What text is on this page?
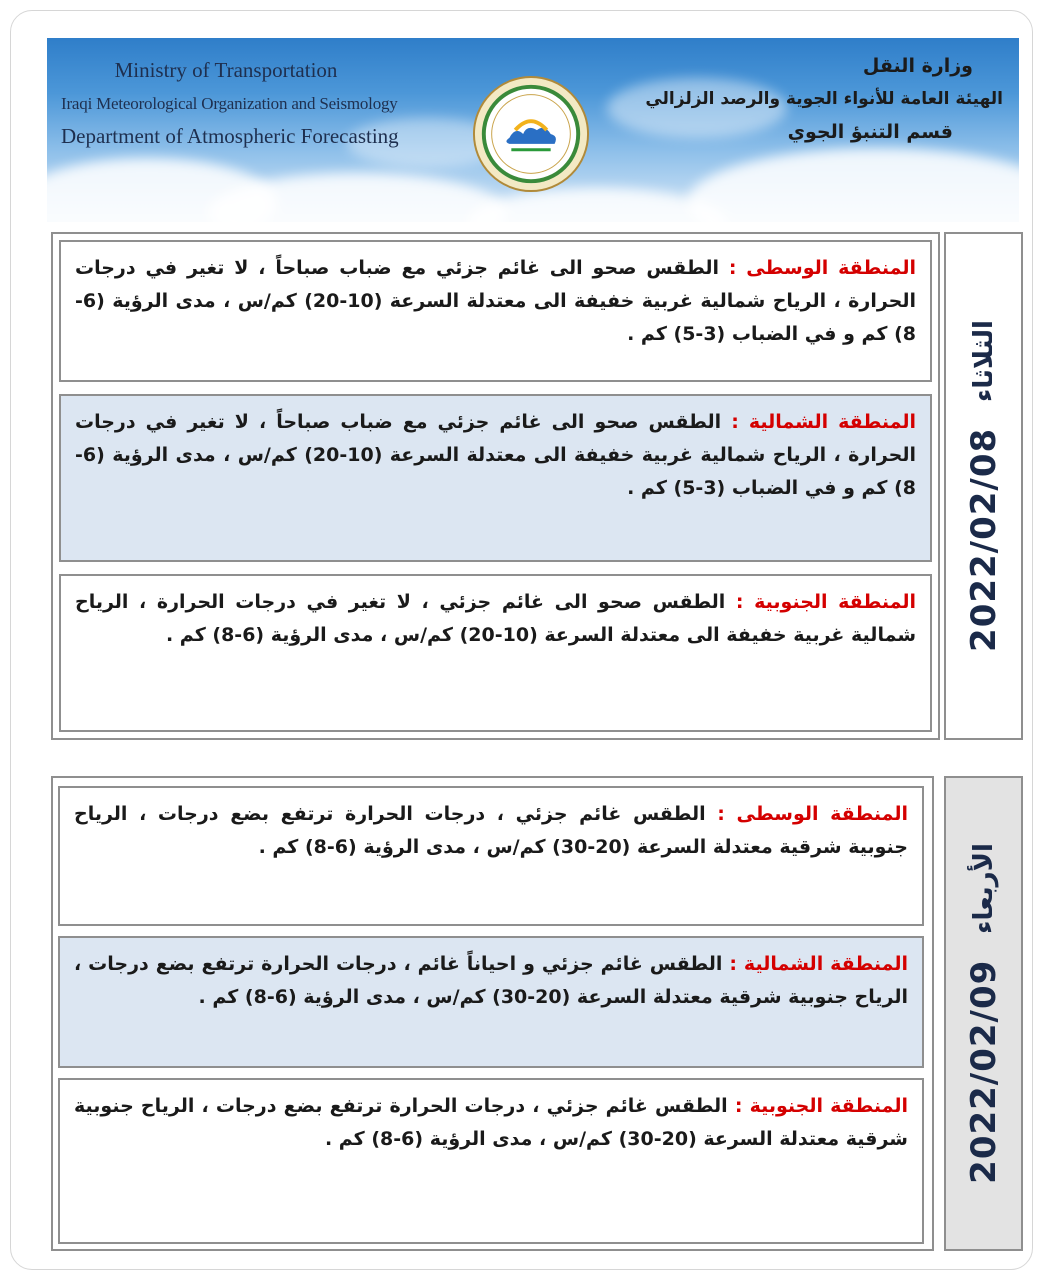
Ministry of Transportation
Iraqi Meteorological Organization and Seismology
Department of Atmospheric Forecasting
وزارة النقل
الهيئة العامة للأنواء الجوية والرصد الزلزالي
قسم التنبؤ الجوي
المنطقة الوسطى : الطقس صحو الى غائم جزئي مع ضباب صباحاً ، لا تغير في درجات الحرارة ، الرياح شمالية غربية خفيفة الى معتدلة السرعة (10-20) كم/س ، مدى الرؤية (6-8) كم و في الضباب (3-5) كم .
المنطقة الشمالية : الطقس صحو الى غائم جزئي مع ضباب صباحاً ، لا تغير في درجات الحرارة ، الرياح شمالية غربية خفيفة الى معتدلة السرعة (10-20) كم/س ، مدى الرؤية (6-8) كم و في الضباب (3-5) كم .
المنطقة الجنوبية : الطقس صحو الى غائم جزئي ، لا تغير في درجات الحرارة ، الرياح شمالية غربية خفيفة الى معتدلة السرعة (10-20) كم/س ، مدى الرؤية (6-8) كم .	2022/02/08
الثلاثاء
المنطقة الوسطى : الطقس غائم جزئي ، درجات الحرارة ترتفع بضع درجات ، الرياح جنوبية شرقية معتدلة السرعة (20-30) كم/س ، مدى الرؤية (6-8) كم .
المنطقة الشمالية : الطقس غائم جزئي و احياناً غائم ، درجات الحرارة ترتفع بضع درجات ، الرياح جنوبية شرقية معتدلة السرعة (20-30) كم/س ، مدى الرؤية (6-8) كم .
المنطقة الجنوبية : الطقس غائم جزئي ، درجات الحرارة ترتفع بضع درجات ، الرياح جنوبية شرقية معتدلة السرعة (20-30) كم/س ، مدى الرؤية (6-8) كم .	2022/02/09
الأربعاء
